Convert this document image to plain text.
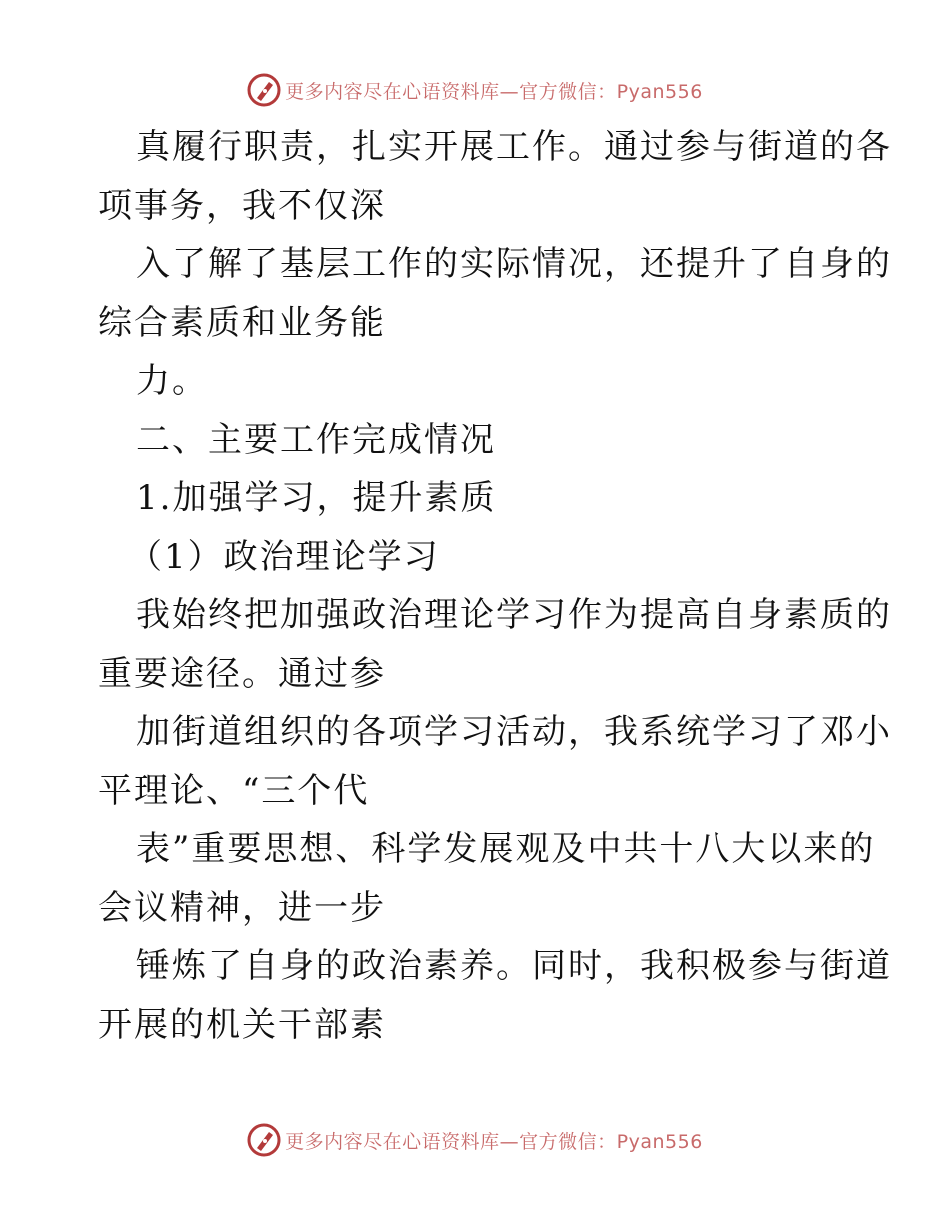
更多内容尽在心语资料库—官方微信：Pyan556
真履行职责，扎实开展工作。通过参与街道的各
项事务，我不仅深
入了解了基层工作的实际情况，还提升了自身的
综合素质和业务能
力。
二、主要工作完成情况
1.加强学习，提升素质
（1）政治理论学习
我始终把加强政治理论学习作为提高自身素质的
重要途径。通过参
加街道组织的各项学习活动，我系统学习了邓小
平理论、“三个代
表”重要思想、科学发展观及中共十八大以来的
会议精神，进一步
锤炼了自身的政治素养。同时，我积极参与街道
开展的机关干部素
更多内容尽在心语资料库—官方微信：Pyan556
